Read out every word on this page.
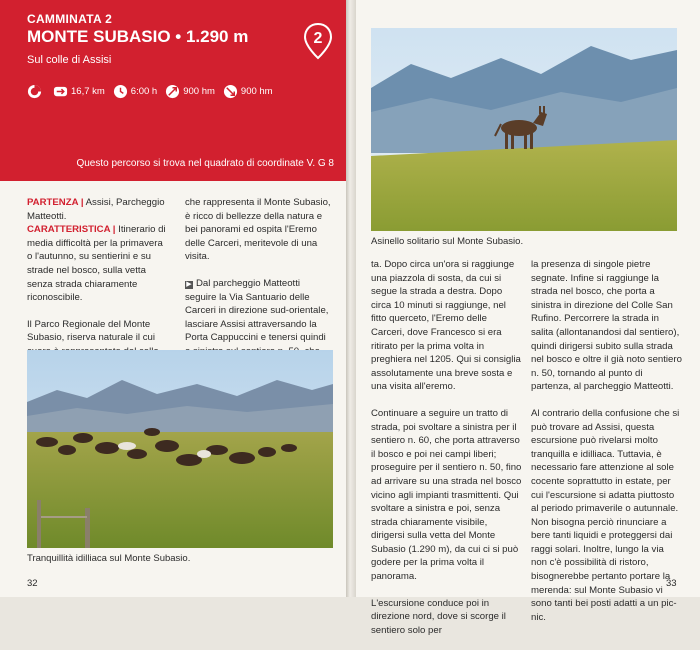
CAMMINATA 2
MONTE SUBASIO • 1.290 m
Sul colle di Assisi
2
16,7 km	6:00 h	900 hm	900 hm
Questo percorso si trova nel quadrato di coordinate V. G 8

PARTENZA | Assisi, Parcheggio Matteotti.

CARATTERISTICA | Itinerario di media difficoltà per la primavera o l'autunno, su sentierini e su strade nel bosco, sulla vetta senza strada chiaramente riconoscibile.

Il Parco Regionale del Monte Subasio, riserva naturale il cui

che rappresenta il Monte Subasio, è ricco di bellezze della natura e bei panorami ed ospita l'Eremo delle Carceri, meritevole di una visita.

▶ Dal parcheggio Matteotti seguire la Via Santuario delle Carceri in direzione sud-orientale, lasciare Assisi attraversando la Porta Cappuccini e tenersi quindi

Tranquillità idilliaca sul Monte Subasio.
32
Asinello solitario sul Monte Subasio.

ta. Dopo circa un'ora si raggiunge una piazzola di sosta, da cui si segue la strada a destra. Dopo circa 10 minuti si raggiunge, nel fitto querceto, l'Eremo delle Carceri, dove Francesco si era ritirato per la prima volta in preghiera nel 1205. Qui si consiglia assolutamente una breve sosta e una visita all'eremo.

Continuare a seguire un tratto di strada, poi svoltare a sinistra per il sentiero n. 60, che porta attraverso il bosco e poi nei campi liberi; proseguire per il sentiero n. 50, fino ad arrivare su una strada nel bosco vicino agli impianti trasmittenti. Qui svoltare a sinistra e poi, senza strada chiaramente visibile, dirigersi sulla vetta del Monte Subasio (1.290 m), da cui ci si può godere per la prima volta il panorama.

L'escursione conduce poi in direzione nord, dove si scorge il sentiero solo per

la presenza di singole pietre segnate. Infine si raggiunge la strada nel bosco, che porta a sinistra in direzione del Colle San Rufino. Percorrere la strada in salita (allontanandosi dal sentiero), quindi dirigersi subito sulla strada nel bosco e oltre il già noto sentiero n. 50, tornando al punto di partenza, al parcheggio Matteotti.

Al contrario della confusione che si può trovare ad Assisi, questa escursione può rivelarsi molto tranquilla e idilliaca. Tuttavia, è necessario fare attenzione al sole cocente soprattutto in estate, per cui l'escursione si adatta piuttosto al periodo primaverile o autunnale. Non bisogna perciò rinunciare a bere tanti liquidi e proteggersi dai raggi solari. Inoltre, lungo la via non c'è possibilità di ristoro, bisognerebbe pertanto portare la merenda: sul Monte Subasio vi sono tanti bei posti adatti a un pic-nic.

33
